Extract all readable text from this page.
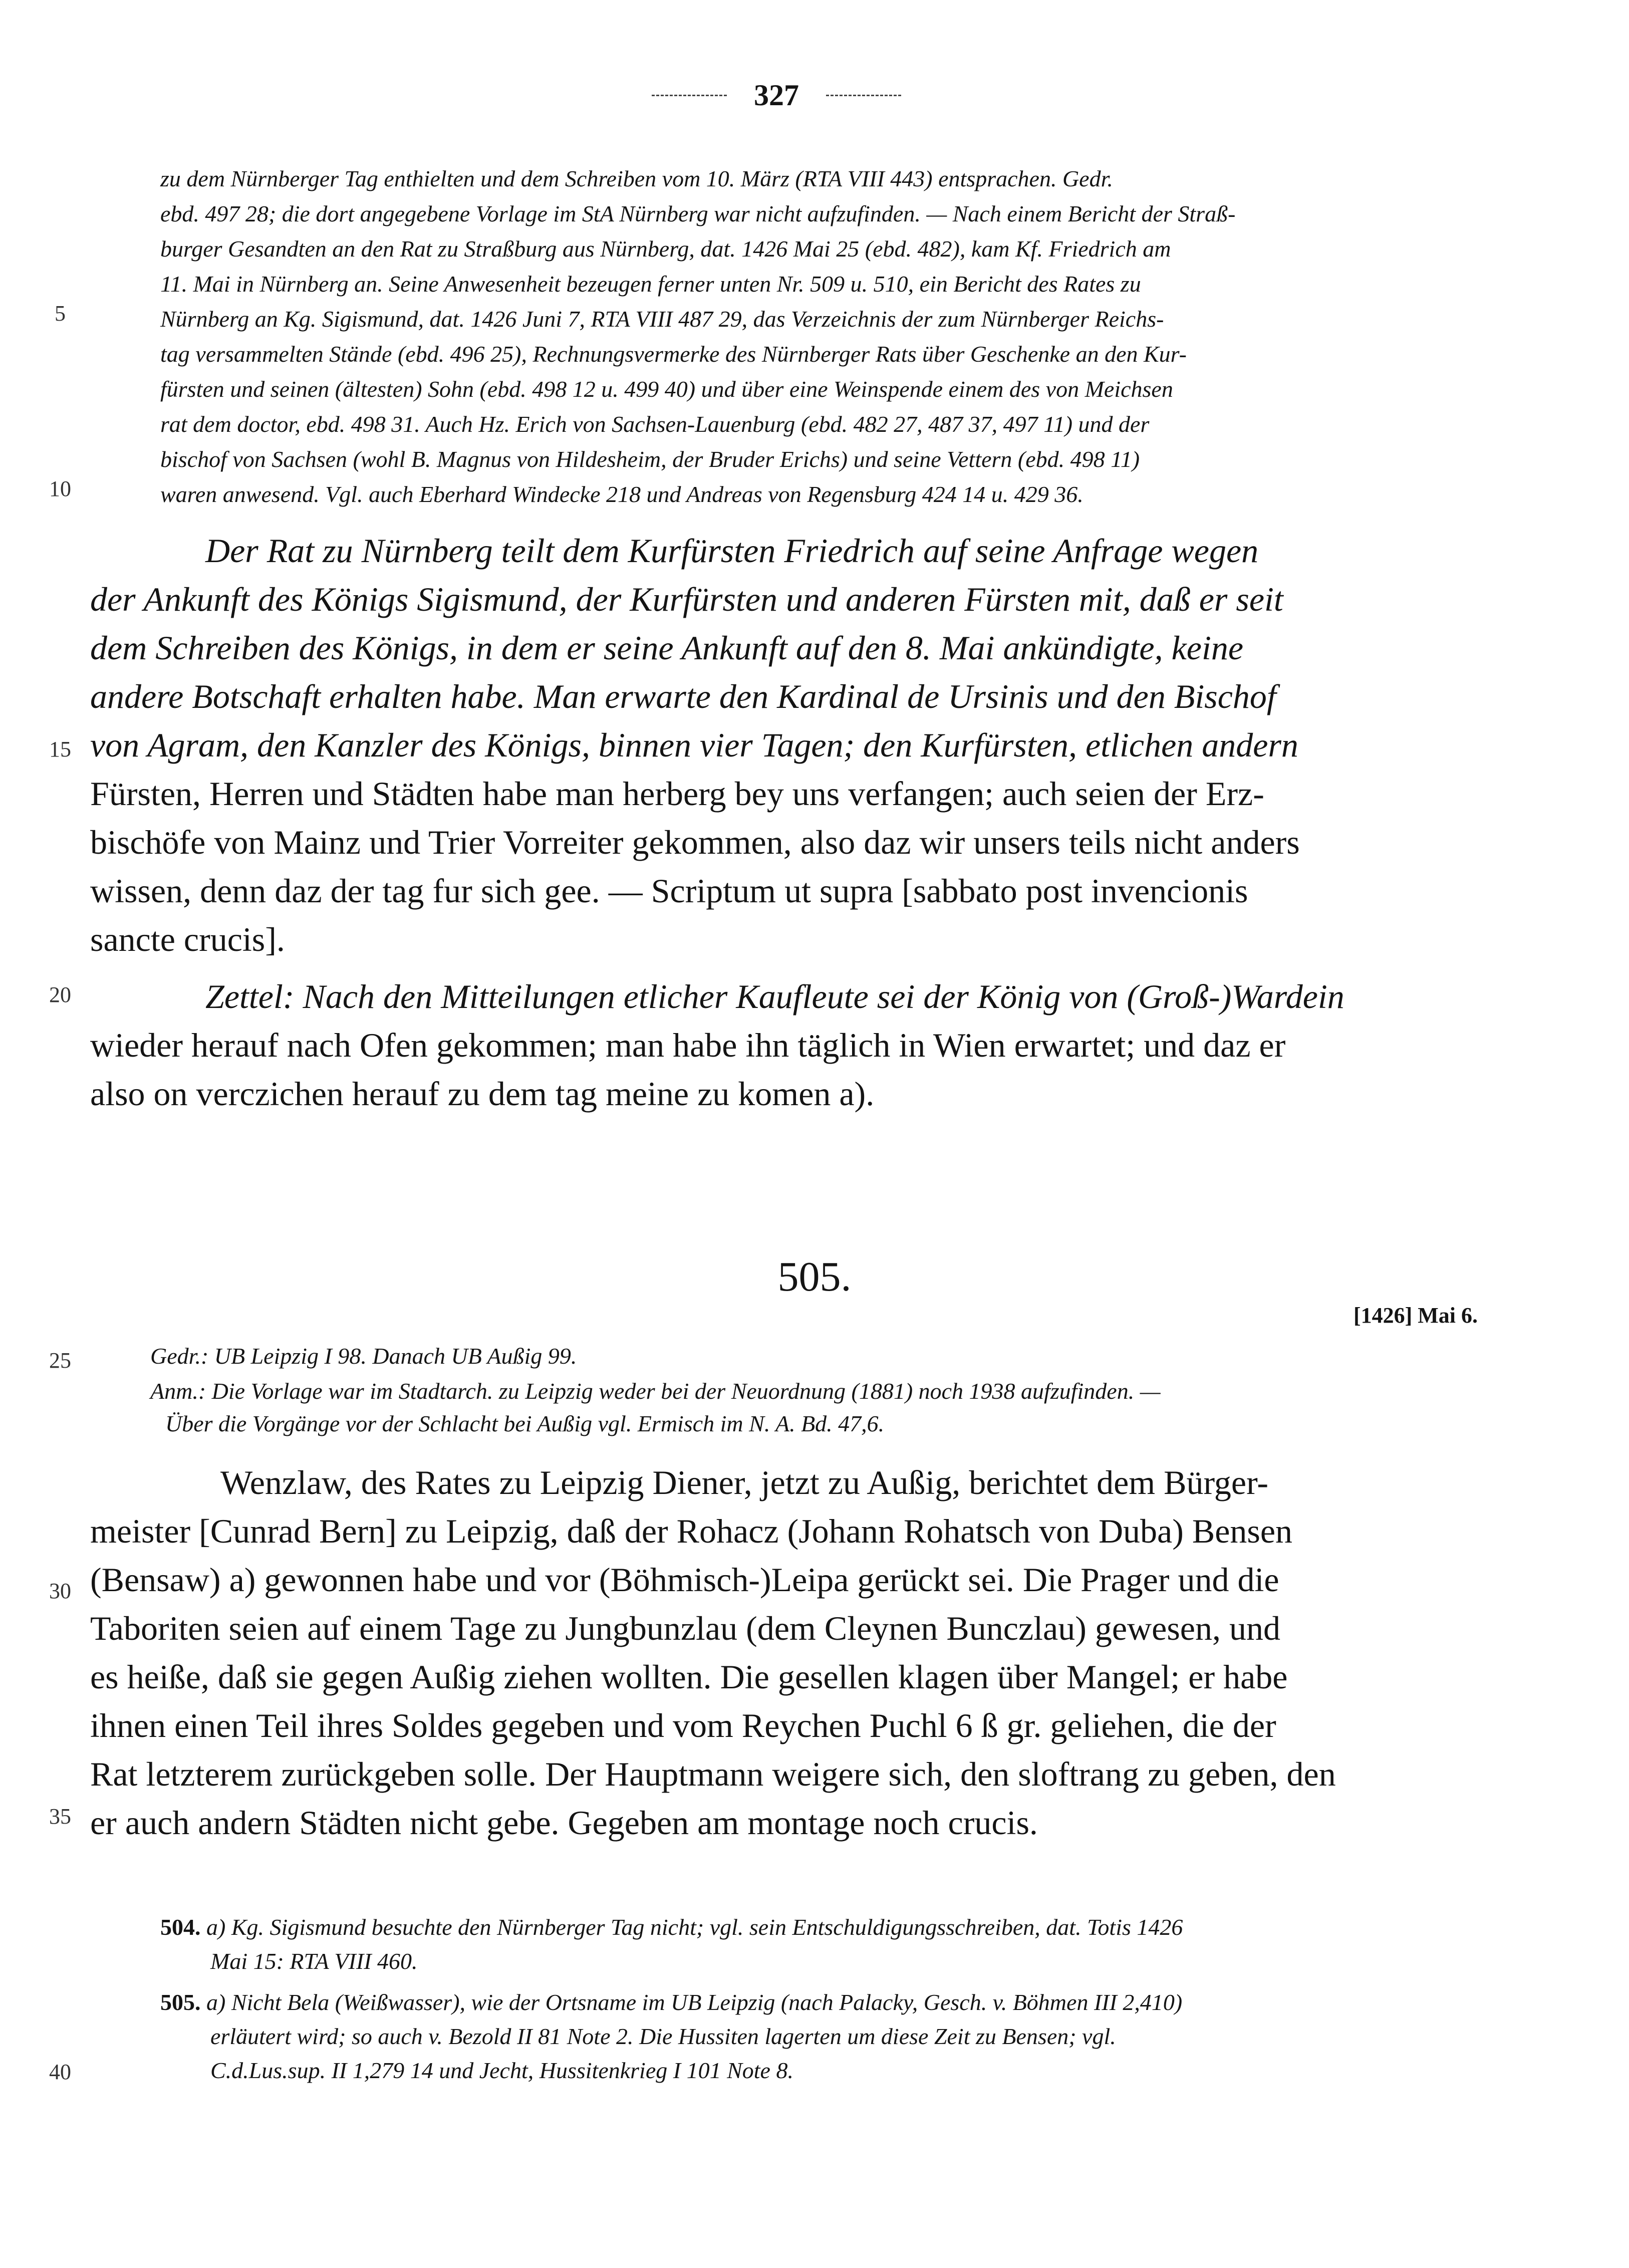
327
zu dem Nürnberger Tag enthielten und dem Schreiben vom 10. März (RTA VIII 443) entsprachen. Gedr.
ebd. 497 28; die dort angegebene Vorlage im StA Nürnberg war nicht aufzufinden. — Nach einem Bericht der Straß-
burger Gesandten an den Rat zu Straßburg aus Nürnberg, dat. 1426 Mai 25 (ebd. 482), kam Kf. Friedrich am
11. Mai in Nürnberg an. Seine Anwesenheit bezeugen ferner unten Nr. 509 u. 510, ein Bericht des Rates zu
Nürnberg an Kg. Sigismund, dat. 1426 Juni 7, RTA VIII 487 29, das Verzeichnis der zum Nürnberger Reichs-
tag versammelten Stände (ebd. 496 25), Rechnungsvermerke des Nürnberger Rats über Geschenke an den Kur-
fürsten und seinen (ältesten) Sohn (ebd. 498 12 u. 499 40) und über eine Weinspende einem des von Meichsen
rat dem doctor, ebd. 498 31. Auch Hz. Erich von Sachsen-Lauenburg (ebd. 482 27, 487 37, 497 11) und der
bischof von Sachsen (wohl B. Magnus von Hildesheim, der Bruder Erichs) und seine Vettern (ebd. 498 11)
waren anwesend. Vgl. auch Eberhard Windecke 218 und Andreas von Regensburg 424 14 u. 429 36.
Der Rat zu Nürnberg teilt dem Kurfürsten Friedrich auf seine Anfrage wegen
der Ankunft des Königs Sigismund, der Kurfürsten und anderen Fürsten mit, daß er seit
dem Schreiben des Königs, in dem er seine Ankunft auf den 8. Mai ankündigte, keine
andere Botschaft erhalten habe. Man erwarte den Kardinal de Ursinis und den Bischof
von Agram, den Kanzler des Königs, binnen vier Tagen; den Kurfürsten, etlichen andern
Fürsten, Herren und Städten habe man herberg bey uns verfangen; auch seien der Erz-
bischöfe von Mainz und Trier Vorreiter gekommen, also daz wir unsers teils nicht anders
wissen, denn daz der tag fur sich gee. — Scriptum ut supra [sabbato post invencionis
sancte crucis].
Zettel: Nach den Mitteilungen etlicher Kaufleute sei der König von (Groß-)Wardein
wieder herauf nach Ofen gekommen; man habe ihn täglich in Wien erwartet; und daz er
also on verczichen herauf zu dem tag meine zu komen a).
505.
[1426] Mai 6.
Gedr.: UB Leipzig I 98. Danach UB Außig 99.
Anm.: Die Vorlage war im Stadtarch. zu Leipzig weder bei der Neuordnung (1881) noch 1938 aufzufinden. —
Über die Vorgänge vor der Schlacht bei Außig vgl. Ermisch im N. A. Bd. 47,6.
Wenzlaw, des Rates zu Leipzig Diener, jetzt zu Außig, berichtet dem Bürger-
meister [Cunrad Bern] zu Leipzig, daß der Rohacz (Johann Rohatsch von Duba) Bensen
(Bensaw) a) gewonnen habe und vor (Böhmisch-)Leipa gerückt sei. Die Prager und die
Taboriten seien auf einem Tage zu Jungbunzlau (dem Cleynen Bunczlau) gewesen, und
es heiße, daß sie gegen Außig ziehen wollten. Die gesellen klagen über Mangel; er habe
ihnen einen Teil ihres Soldes gegeben und vom Reychen Puchl 6 ß gr. geliehen, die der
Rat letzterem zurückgeben solle. Der Hauptmann weigere sich, den sloftrang zu geben, den
er auch andern Städten nicht gebe. Gegeben am montage noch crucis.
504. a) Kg. Sigismund besuchte den Nürnberger Tag nicht; vgl. sein Entschuldigungsschreiben, dat. Totis 1426
Mai 15: RTA VIII 460.
505. a) Nicht Bela (Weißwasser), wie der Ortsname im UB Leipzig (nach Palacky, Gesch. v. Böhmen III 2,410)
erläutert wird; so auch v. Bezold II 81 Note 2. Die Hussiten lagerten um diese Zeit zu Bensen; vgl.
C.d.Lus.sup. II 1,279 14 und Jecht, Hussitenkrieg I 101 Note 8.
5
10
15
20
25
30
35
40
